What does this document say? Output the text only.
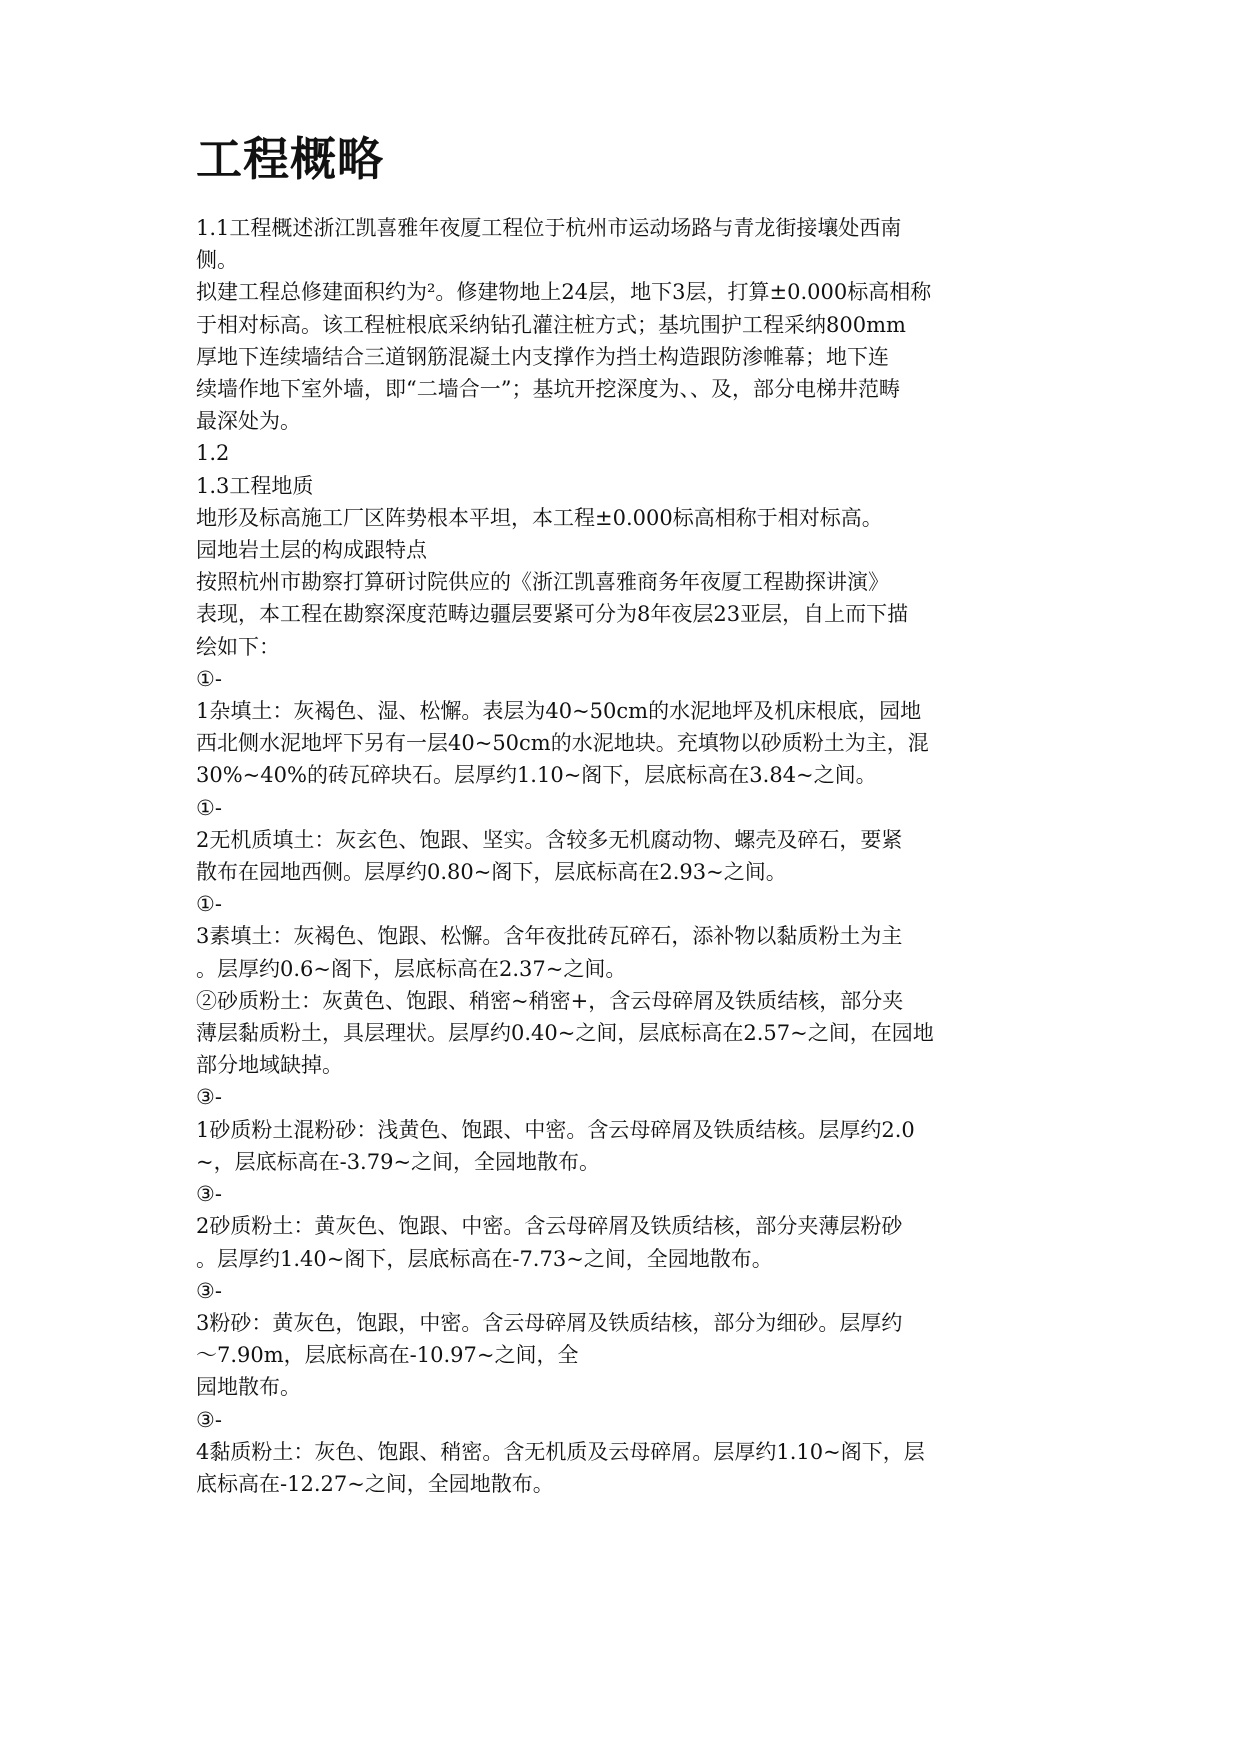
工程概略

1.1工程概述浙江凯喜雅年夜厦工程位于杭州市运动场路与青龙街接壤处西南

侧。

拟建工程总修建面积约为²。修建物地上24层，地下3层，打算±0.000标高相称

于相对标高。该工程桩根底采纳钻孔灌注桩方式；基坑围护工程采纳800mm

厚地下连续墙结合三道钢筋混凝土内支撑作为挡土构造跟防渗帷幕；地下连

续墙作地下室外墙，即“二墙合一”；基坑开挖深度为、、及，部分电梯井范畴

最深处为。

1.2

1.3工程地质

地形及标高施工厂区阵势根本平坦，本工程±0.000标高相称于相对标高。

园地岩土层的构成跟特点

按照杭州市勘察打算研讨院供应的《浙江凯喜雅商务年夜厦工程勘探讲演》

表现，本工程在勘察深度范畴边疆层要紧可分为8年夜层23亚层，自上而下描

绘如下：

①-

1杂填土：灰褐色、湿、松懈。表层为40~50cm的水泥地坪及机床根底，园地

西北侧水泥地坪下另有一层40~50cm的水泥地块。充填物以砂质粉土为主，混

30%~40%的砖瓦碎块石。层厚约1.10~阁下，层底标高在3.84~之间。

①-

2无机质填土：灰玄色、饱跟、坚实。含较多无机腐动物、螺壳及碎石，要紧

散布在园地西侧。层厚约0.80~阁下，层底标高在2.93~之间。

①-

3素填土：灰褐色、饱跟、松懈。含年夜批砖瓦碎石，添补物以黏质粉土为主

。层厚约0.6~阁下，层底标高在2.37~之间。

②砂质粉土：灰黄色、饱跟、稍密~稍密+，含云母碎屑及铁质结核，部分夹

薄层黏质粉土，具层理状。层厚约0.40~之间，层底标高在2.57~之间，在园地

部分地域缺掉。

③-

1砂质粉土混粉砂：浅黄色、饱跟、中密。含云母碎屑及铁质结核。层厚约2.0

~，层底标高在-3.79~之间，全园地散布。

③-

2砂质粉土：黄灰色、饱跟、中密。含云母碎屑及铁质结核，部分夹薄层粉砂

。层厚约1.40~阁下，层底标高在-7.73~之间，全园地散布。

③-

3粉砂：黄灰色，饱跟，中密。含云母碎屑及铁质结核，部分为细砂。层厚约

～7.90m，层底标高在-10.97~之间，全

园地散布。

③-

4黏质粉土：灰色、饱跟、稍密。含无机质及云母碎屑。层厚约1.10~阁下，层

底标高在-12.27~之间，全园地散布。
